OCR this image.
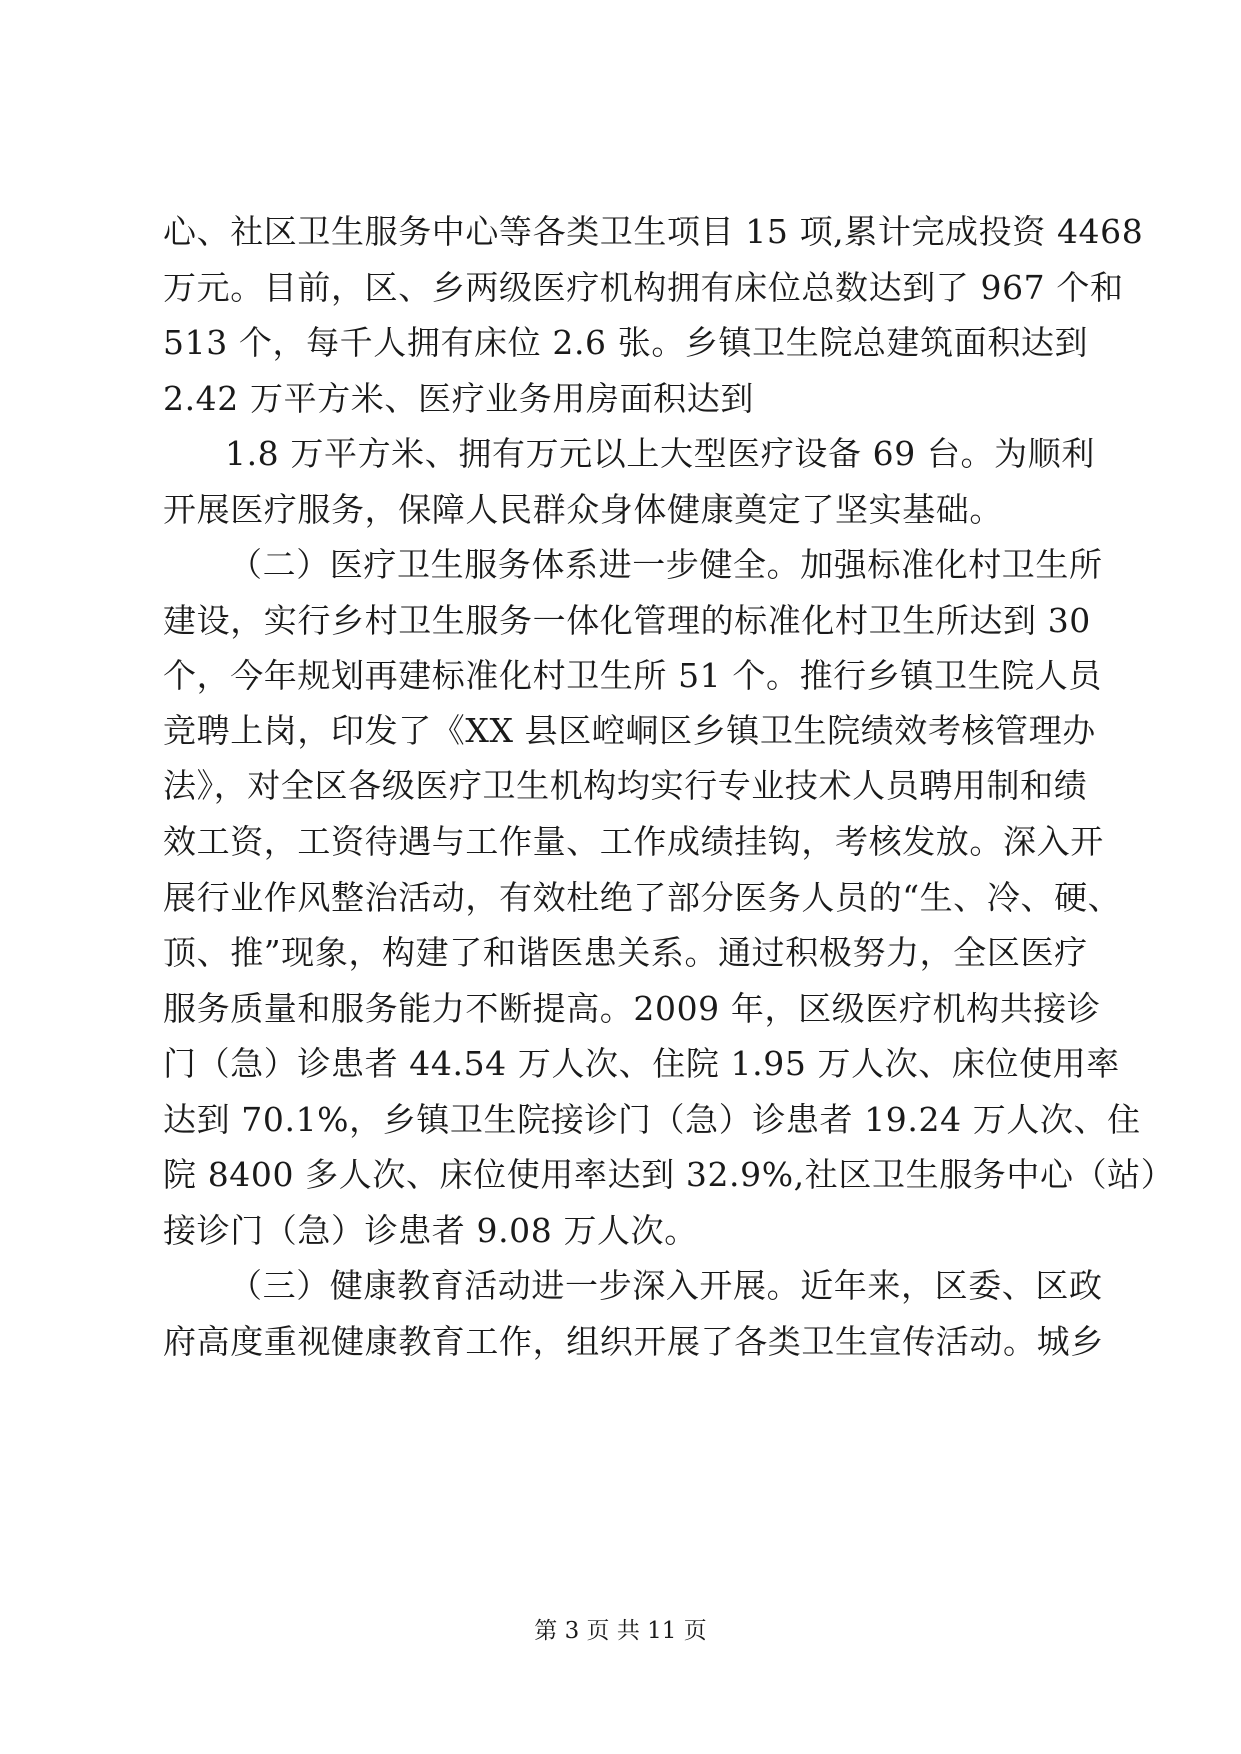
心、社区卫生服务中心等各类卫生项目 15 项,累计完成投资 4468
万元。目前，区、乡两级医疗机构拥有床位总数达到了 967 个和
513 个，每千人拥有床位 2.6 张。乡镇卫生院总建筑面积达到
2.42 万平方米、医疗业务用房面积达到
1.8 万平方米、拥有万元以上大型医疗设备 69 台。为顺利
开展医疗服务，保障人民群众身体健康奠定了坚实基础。
（二）医疗卫生服务体系进一步健全。加强标准化村卫生所
建设，实行乡村卫生服务一体化管理的标准化村卫生所达到 30
个，今年规划再建标准化村卫生所 51 个。推行乡镇卫生院人员
竞聘上岗，印发了《XX 县区崆峒区乡镇卫生院绩效考核管理办
法》，对全区各级医疗卫生机构均实行专业技术人员聘用制和绩
效工资，工资待遇与工作量、工作成绩挂钩，考核发放。深入开
展行业作风整治活动，有效杜绝了部分医务人员的“生、冷、硬、
顶、推”现象，构建了和谐医患关系。通过积极努力，全区医疗
服务质量和服务能力不断提高。2009 年，区级医疗机构共接诊
门（急）诊患者 44.54 万人次、住院 1.95 万人次、床位使用率
达到 70.1%，乡镇卫生院接诊门（急）诊患者 19.24 万人次、住
院 8400 多人次、床位使用率达到 32.9%,社区卫生服务中心（站）
接诊门（急）诊患者 9.08 万人次。
（三）健康教育活动进一步深入开展。近年来，区委、区政
府高度重视健康教育工作，组织开展了各类卫生宣传活动。城乡
第 3 页 共 11 页
